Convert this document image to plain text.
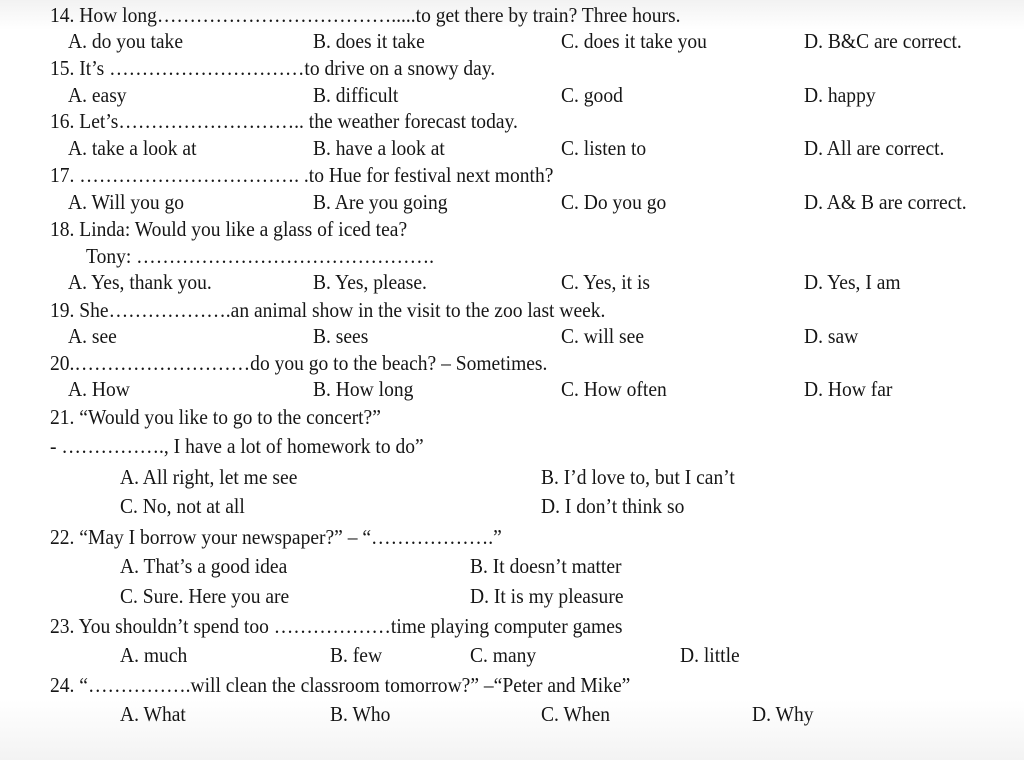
14. How long……………………………….....to get there by train? Three hours.
A. do you take	B. does it take	C. does it take you	D. B&C are correct.
15. It’s …………………………to drive on a snowy day.
A. easy	B. difficult	C. good	D. happy
16. Let’s……………………….. the weather forecast today.
A. take a look at	B. have a look at	C. listen to	D. All are correct.
17. ……………………………. .to Hue for festival next month?
A. Will you go	B. Are you going	C. Do you go	D. A& B are correct.
18. Linda: Would you like a glass of iced tea?
Tony: ……………………………………….
A. Yes, thank you.	B. Yes, please.	C. Yes, it is	D. Yes, I am
19. She……………….an animal show in the visit to the zoo last week.
A. see	B. sees	C. will see	D. saw
20.………………………do you go to the beach? – Sometimes.
A. How	B. How long	C. How often	D. How far
21. “Would you like to go to the concert?”
- ……………., I have a lot of homework to do”
A. All right, let me see	B. I’d love to, but I can’t
C. No, not at all	D. I don’t think so
22. “May I borrow your newspaper?” – “……………….”
A. That’s a good idea	B. It doesn’t matter
C. Sure. Here you are	D. It is my pleasure
23. You shouldn’t spend too ………………time playing computer games
A. much	B. few	C. many	D. little
24. “…………….will clean the classroom tomorrow?” –“Peter and Mike”
A. What	B. Who	C. When	D. Why
